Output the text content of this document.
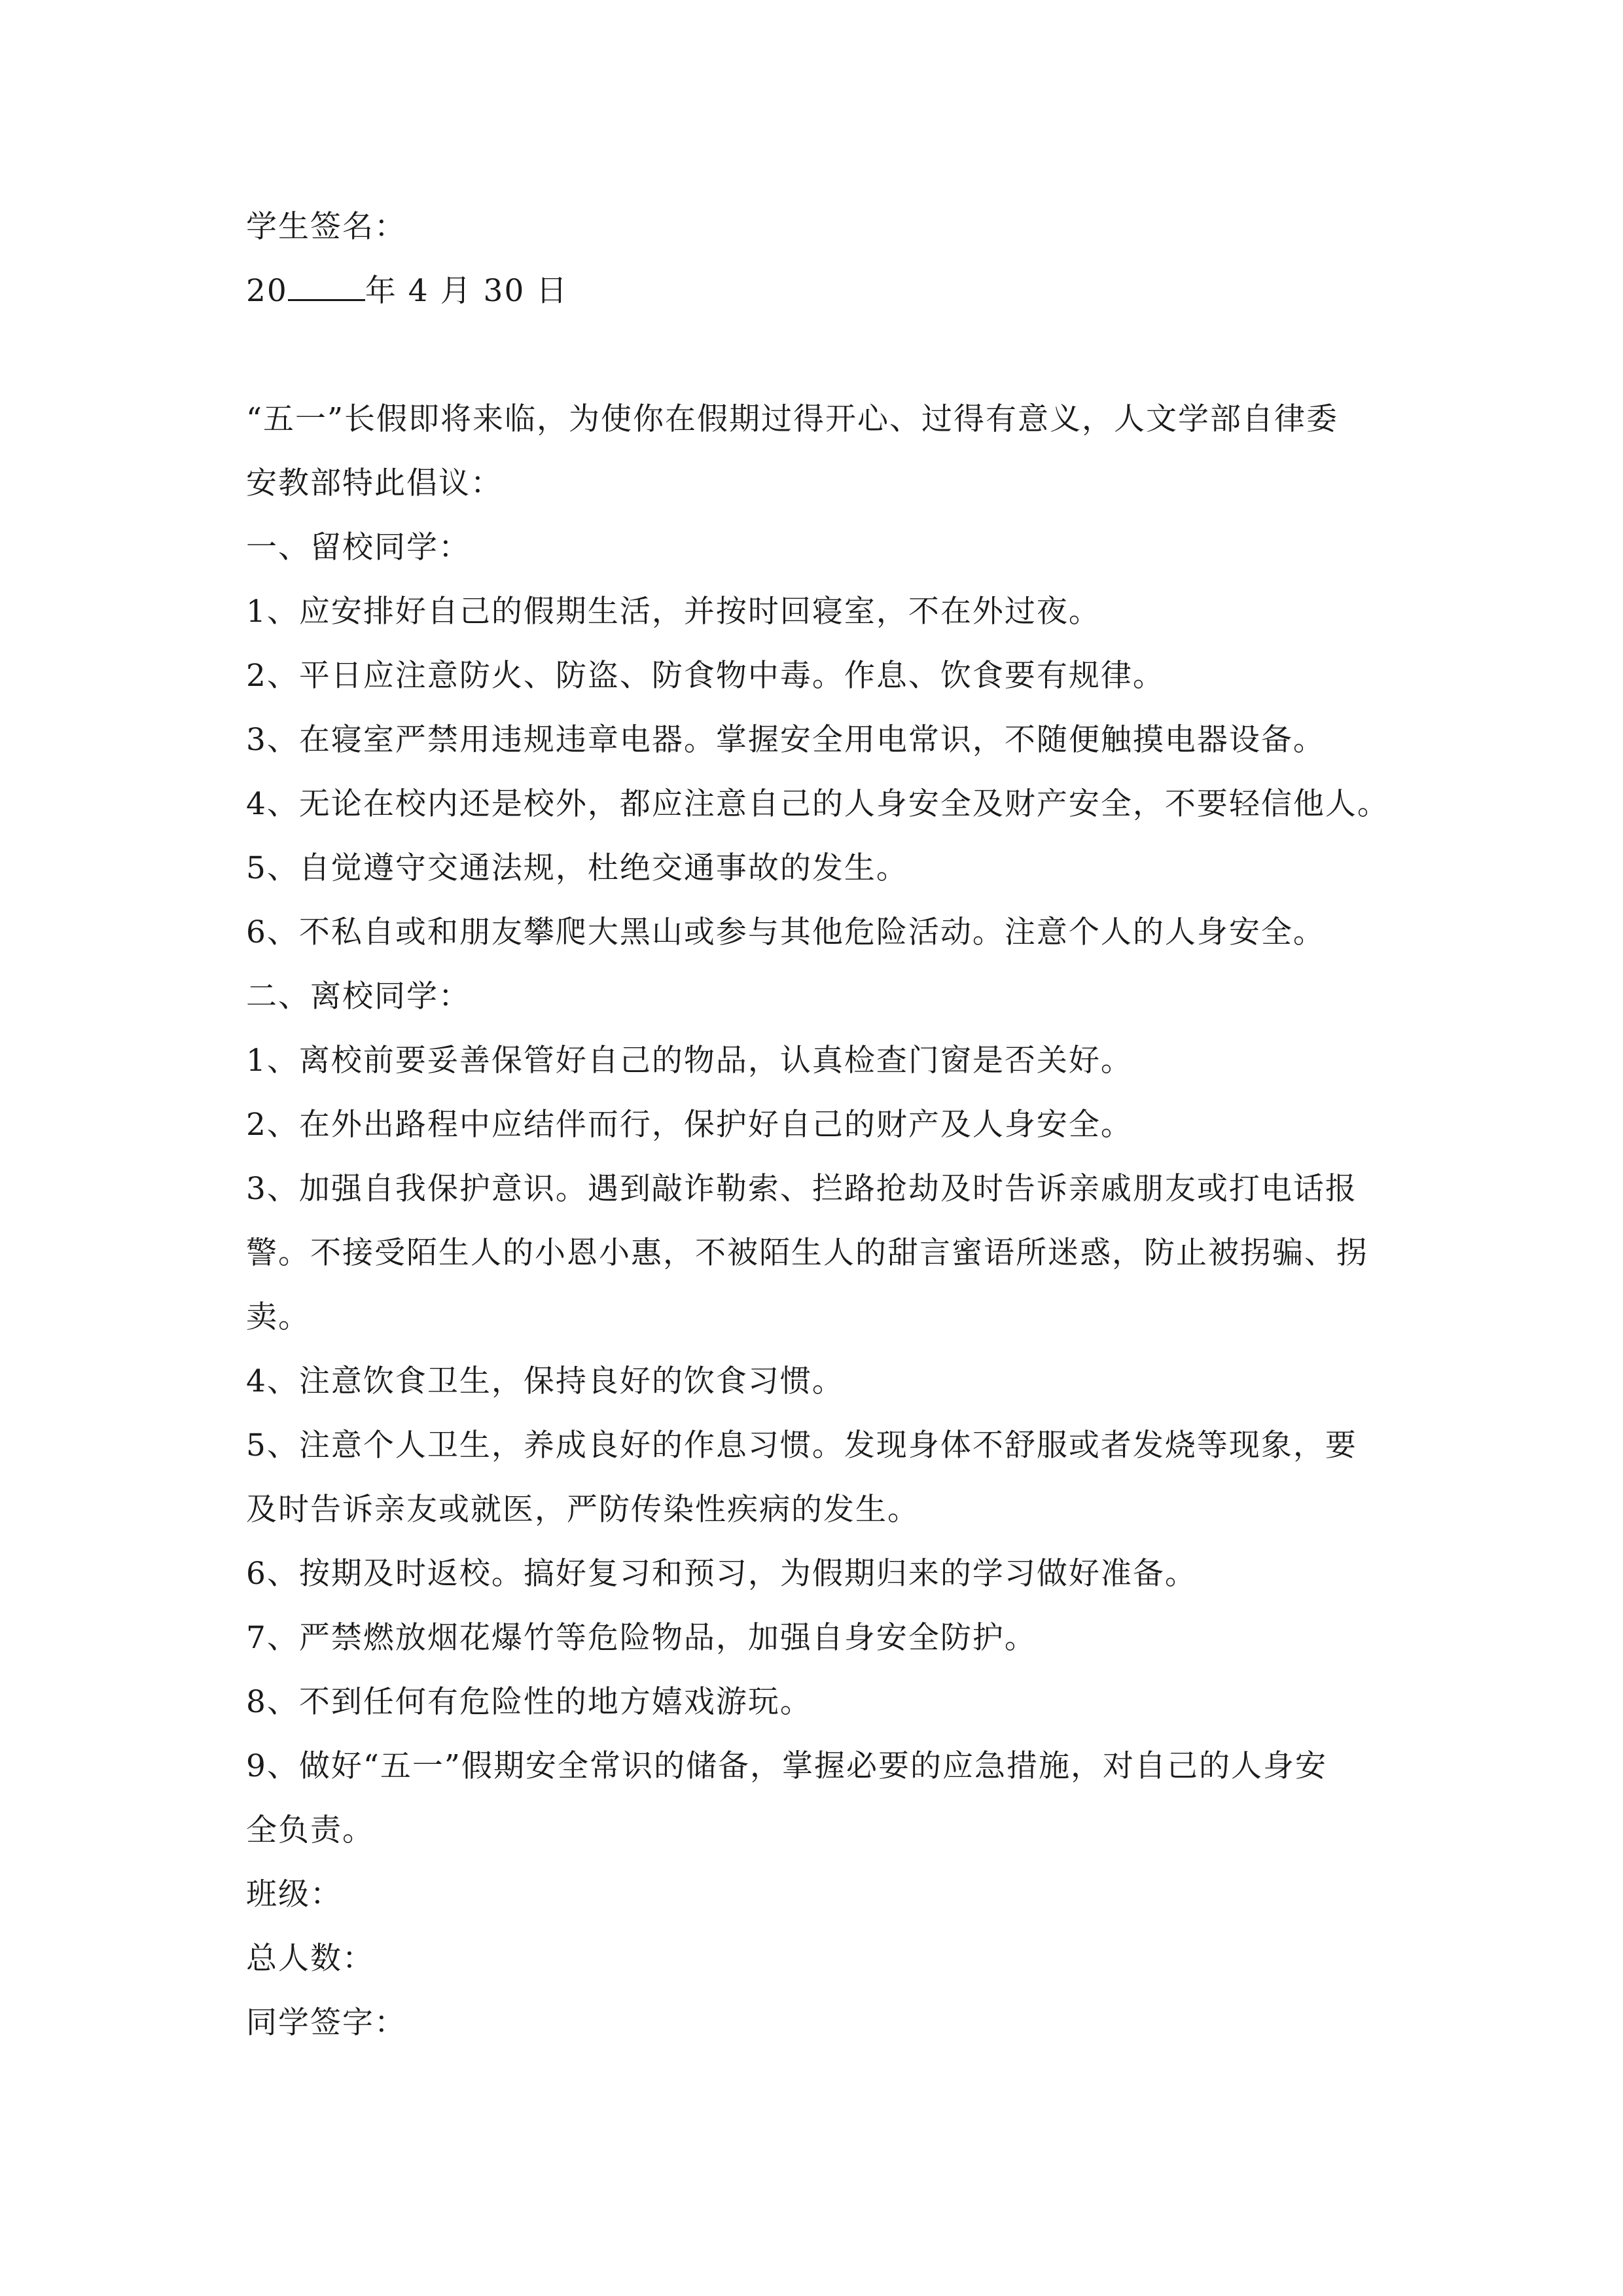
学生签名：
20	年 4 月 30 日
“五一”长假即将来临，为使你在假期过得开心、过得有意义，人文学部自律委
安教部特此倡议：
一、留校同学：
1、应安排好自己的假期生活，并按时回寝室，不在外过夜。
2、平日应注意防火、防盗、防食物中毒。作息、饮食要有规律。
3、在寝室严禁用违规违章电器。掌握安全用电常识，不随便触摸电器设备。
4、无论在校内还是校外，都应注意自己的人身安全及财产安全，不要轻信他人。
5、自觉遵守交通法规，杜绝交通事故的发生。
6、不私自或和朋友攀爬大黑山或参与其他危险活动。注意个人的人身安全。
二、离校同学：
1、离校前要妥善保管好自己的物品，认真检查门窗是否关好。
2、在外出路程中应结伴而行，保护好自己的财产及人身安全。
3、加强自我保护意识。遇到敲诈勒索、拦路抢劫及时告诉亲戚朋友或打电话报
警。不接受陌生人的小恩小惠，不被陌生人的甜言蜜语所迷惑，防止被拐骗、拐
卖。
4、注意饮食卫生，保持良好的饮食习惯。
5、注意个人卫生，养成良好的作息习惯。发现身体不舒服或者发烧等现象，要
及时告诉亲友或就医，严防传染性疾病的发生。
6、按期及时返校。搞好复习和预习，为假期归来的学习做好准备。
7、严禁燃放烟花爆竹等危险物品，加强自身安全防护。
8、不到任何有危险性的地方嬉戏游玩。
9、做好“五一”假期安全常识的储备，掌握必要的应急措施，对自己的人身安
全负责。
班级：
总人数：
同学签字：
